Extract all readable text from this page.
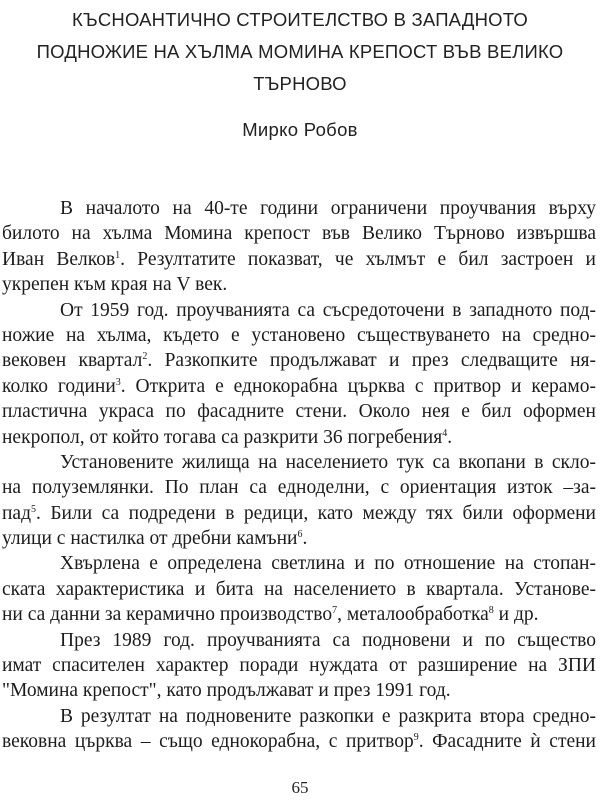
КЪСНОАНТИЧНО СТРОИТЕЛСТВО В ЗАПАДНОТО
ПОДНОЖИЕ НА ХЪЛМА МОМИНА КРЕПОСТ ВЪВ ВЕЛИКО
ТЪРНОВО
Мирко Робов
В началото на 40-те години ограничени проучвания върху
билото на хълма Момина крепост във Велико Търново извършва
Иван Велков$^1$. Резултатите показват, че хълмът е бил застроен и
укрепен към края на V век.
От 1959 год. проучванията са съсредоточени в западното под-
ножие на хълма, където е установено съществуването на средно-
вековен квартал$^2$. Разкопките продължават и през следващите ня-
колко години$^3$. Открита е еднокорабна църква с притвор и керамо-
пластична украса по фасадните стени. Около нея е бил оформен
некропол, от който тогава са разкрити 36 погребения$^4$.
Установените жилища на населението тук са вкопани в скло-
на полуземлянки. По план са едноделни, с ориентация изток –за-
пад$^5$. Били са подредени в редици, като между тях били оформени
улици с настилка от дребни камъни$^6$.
Хвърлена е определена светлина и по отношение на стопан-
ската характеристика и бита на населението в квартала. Установе-
ни са данни за керамично производство$^7$, металообработка$^8$ и др.
През 1989 год. проучванията са подновени и по същество
имат спасителен характер поради нуждата от разширение на ЗПИ
"Момина крепост", като продължават и през 1991 год.
В резултат на подновените разкопки е разкрита втора средно-
вековна църква – също еднокорабна, с притвор$^9$. Фасадните ѝ стени
65
